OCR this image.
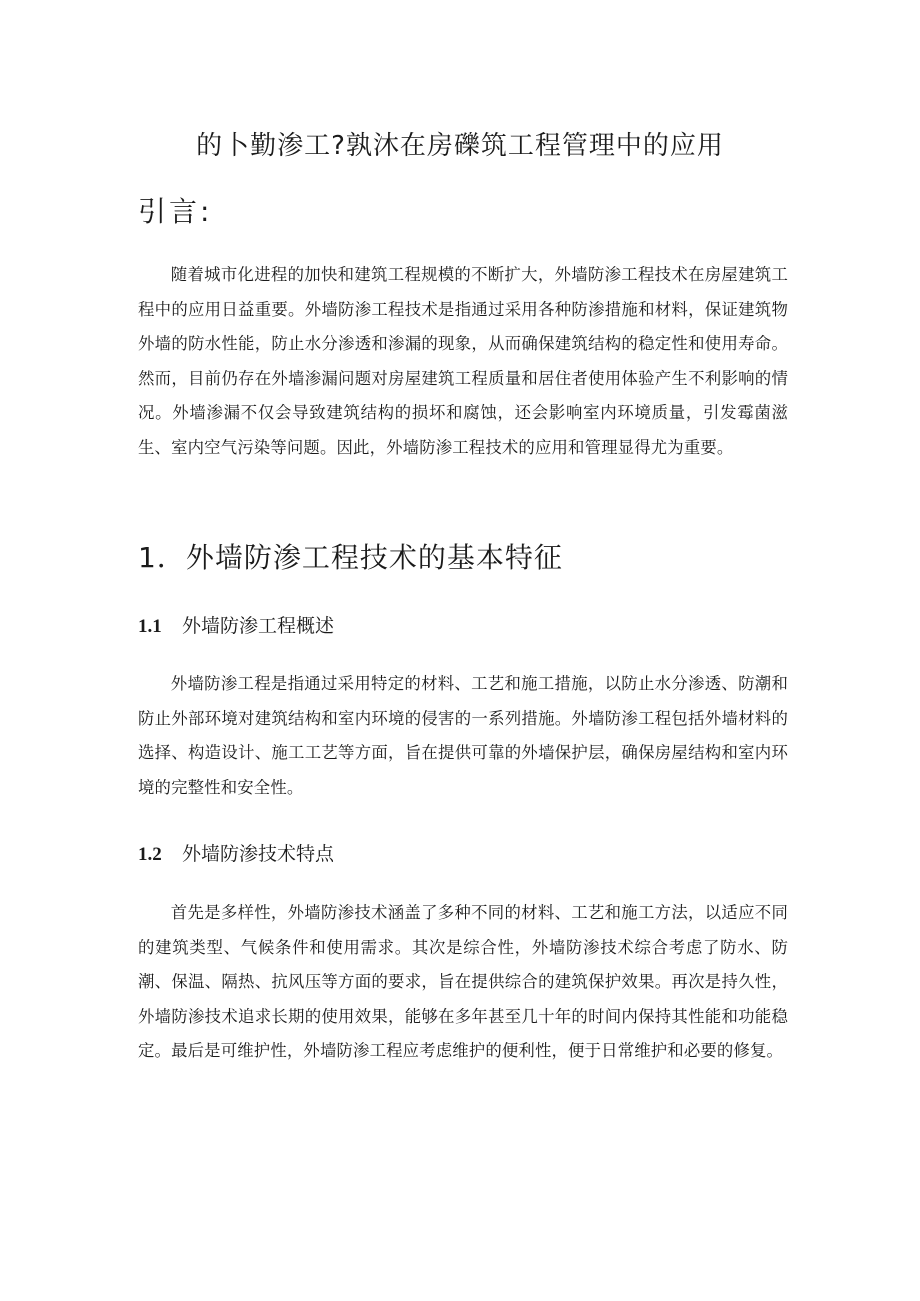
的卜勤渗工?孰沐在房礫筑工程管理中的应用
引言:

随着城市化进程的加快和建筑工程规模的不断扩大，外墙防渗工程技术在房屋建筑工程中的应用日益重要。外墙防渗工程技术是指通过采用各种防渗措施和材料，保证建筑物外墙的防水性能，防止水分渗透和渗漏的现象，从而确保建筑结构的稳定性和使用寿命。然而，目前仍存在外墙渗漏问题对房屋建筑工程质量和居住者使用体验产生不利影响的情况。外墙渗漏不仅会导致建筑结构的损坏和腐蚀，还会影响室内环境质量，引发霉菌滋生、室内空气污染等问题。因此，外墙防渗工程技术的应用和管理显得尤为重要。

1．外墙防渗工程技术的基本特征
1.1 外墙防渗工程概述

外墙防渗工程是指通过采用特定的材料、工艺和施工措施，以防止水分渗透、防潮和防止外部环境对建筑结构和室内环境的侵害的一系列措施。外墙防渗工程包括外墙材料的选择、构造设计、施工工艺等方面，旨在提供可靠的外墙保护层，确保房屋结构和室内环境的完整性和安全性。

1.2 外墙防渗技术特点

首先是多样性，外墙防渗技术涵盖了多种不同的材料、工艺和施工方法，以适应不同的建筑类型、气候条件和使用需求。其次是综合性，外墙防渗技术综合考虑了防水、防潮、保温、隔热、抗风压等方面的要求，旨在提供综合的建筑保护效果。再次是持久性，外墙防渗技术追求长期的使用效果，能够在多年甚至几十年的时间内保持其性能和功能稳定。最后是可维护性，外墙防渗工程应考虑维护的便利性，便于日常维护和必要的修复。
